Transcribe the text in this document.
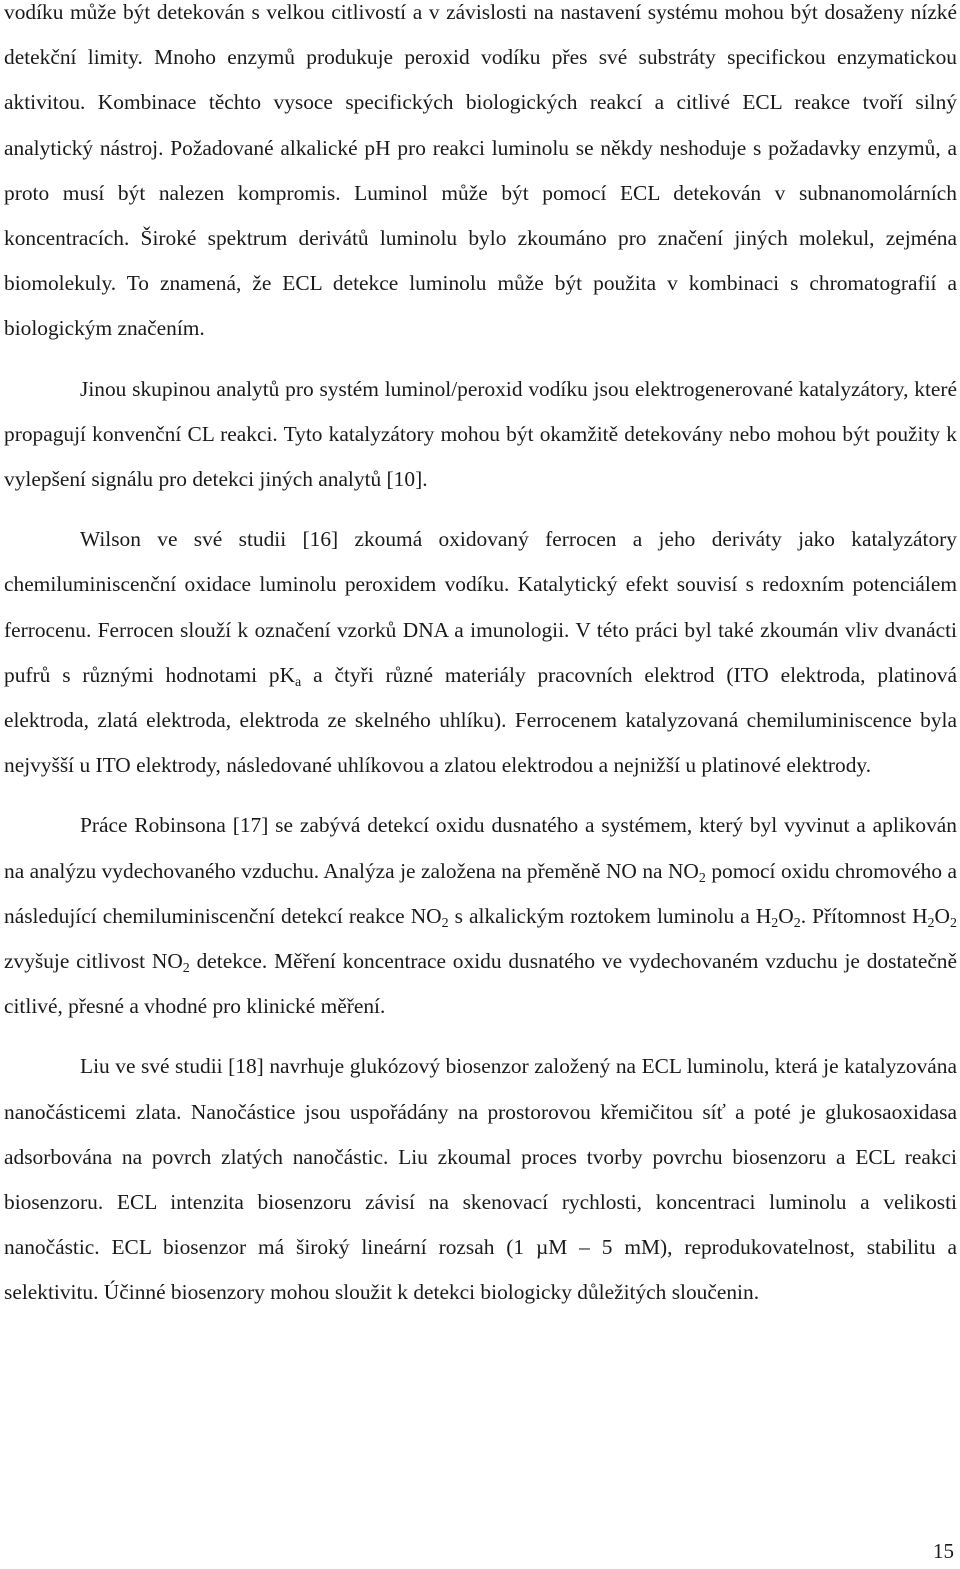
vodíku může být detekován s velkou citlivostí a v závislosti na nastavení systému mohou být dosaženy nízké detekční limity. Mnoho enzymů produkuje peroxid vodíku přes své substráty specifickou enzymatickou aktivitou. Kombinace těchto vysoce specifických biologických reakcí a citlivé ECL reakce tvoří silný analytický nástroj. Požadované alkalické pH pro reakci luminolu se někdy neshoduje s požadavky enzymů, a proto musí být nalezen kompromis. Luminol může být pomocí ECL detekován v subnanomolárních koncentracích. Široké spektrum derivátů luminolu bylo zkoumáno pro značení jiných molekul, zejména biomolekuly. To znamená, že ECL detekce luminolu může být použita v kombinaci s chromatografií a biologickým značením.

Jinou skupinou analytů pro systém luminol/peroxid vodíku jsou elektrogenerované katalyzátory, které propagují konvenční CL reakci. Tyto katalyzátory mohou být okamžitě detekovány nebo mohou být použity k vylepšení signálu pro detekci jiných analytů [10].

Wilson ve své studii [16] zkoumá oxidovaný ferrocen a jeho deriváty jako katalyzátory chemiluminiscenční oxidace luminolu peroxidem vodíku. Katalytický efekt souvisí s redoxním potenciálem ferrocenu. Ferrocen slouží k označení vzorků DNA a imunologii. V této práci byl také zkoumán vliv dvanácti pufrů s různými hodnotami $pK_a$ a čtyři různé materiály pracovních elektrod (ITO elektroda, platinová elektroda, zlatá elektroda, elektroda ze skelného uhlíku). Ferrocenem katalyzovaná chemiluminiscence byla nejvyšší u ITO elektrody, následované uhlíkovou a zlatou elektrodou a nejnižší u platinové elektrody.

Práce Robinsona [17] se zabývá detekcí oxidu dusnatého a systémem, který byl vyvinut a aplikován na analýzu vydechovaného vzduchu. Analýza je založena na přeměně NO na $NO_2$ pomocí oxidu chromového a následující chemiluminiscenční detekcí reakce $NO_2$ s alkalickým roztokem luminolu a $H_2O_2$. Přítomnost $H_2O_2$ zvyšuje citlivost $NO_2$ detekce. Měření koncentrace oxidu dusnatého ve vydechovaném vzduchu je dostatečně citlivé, přesné a vhodné pro klinické měření.

Liu ve své studii [18] navrhuje glukózový biosenzor založený na ECL luminolu, která je katalyzována nanočásticemi zlata. Nanočástice jsou uspořádány na prostorovou křemičitou síť a poté je glukosaoxidasa adsorbována na povrch zlatých nanočástic. Liu zkoumal proces tvorby povrchu biosenzoru a ECL reakci biosenzoru. ECL intenzita biosenzoru závisí na skenovací rychlosti, koncentraci luminolu a velikosti nanočástic. ECL biosenzor má široký lineární rozsah (1 µM – 5 mM), reprodukovatelnost, stabilitu a selektivitu. Účinné biosenzory mohou sloužit k detekci biologicky důležitých sloučenin.

15
